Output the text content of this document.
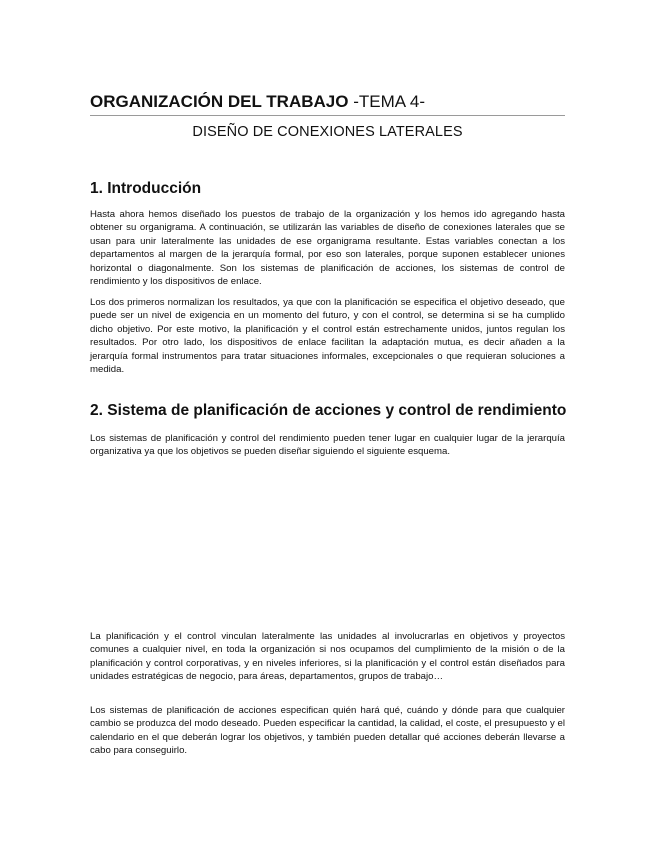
ORGANIZACIÓN DEL TRABAJO -TEMA 4-
DISEÑO DE CONEXIONES LATERALES
1. Introducción

Hasta ahora hemos diseñado los puestos de trabajo de la organización y los hemos ido agregando hasta obtener su organigrama. A continuación, se utilizarán las variables de diseño de conexiones laterales que se usan para unir lateralmente las unidades de ese organigrama resultante. Estas variables conectan a los departamentos al margen de la jerarquía formal, por eso son laterales, porque suponen establecer uniones horizontal o diagonalmente. Son los sistemas de planificación de acciones, los sistemas de control de rendimiento y los dispositivos de enlace.

Los dos primeros normalizan los resultados, ya que con la planificación se especifica el objetivo deseado, que puede ser un nivel de exigencia en un momento del futuro, y con el control, se determina si se ha cumplido dicho objetivo. Por este motivo, la planificación y el control están estrechamente unidos, juntos regulan los resultados. Por otro lado, los dispositivos de enlace facilitan la adaptación mutua, es decir añaden a la jerarquía formal instrumentos para tratar situaciones informales, excepcionales o que requieran soluciones a medida.

2. Sistema de planificación de acciones y control de rendimiento

Los sistemas de planificación y control del rendimiento pueden tener lugar en cualquier lugar de la jerarquía organizativa ya que los objetivos se pueden diseñar siguiendo el siguiente esquema.

La planificación y el control vinculan lateralmente las unidades al involucrarlas en objetivos y proyectos comunes a cualquier nivel, en toda la organización si nos ocupamos del cumplimiento de la misión o de la planificación y control corporativas, y en niveles inferiores, si la planificación y el control están diseñados para unidades estratégicas de negocio, para áreas, departamentos, grupos de trabajo…

Los sistemas de planificación de acciones especifican quién hará qué, cuándo y dónde para que cualquier cambio se produzca del modo deseado. Pueden especificar la cantidad, la calidad, el coste, el presupuesto y el calendario en el que deberán lograr los objetivos, y también pueden detallar qué acciones deberán llevarse a cabo para conseguirlo.
